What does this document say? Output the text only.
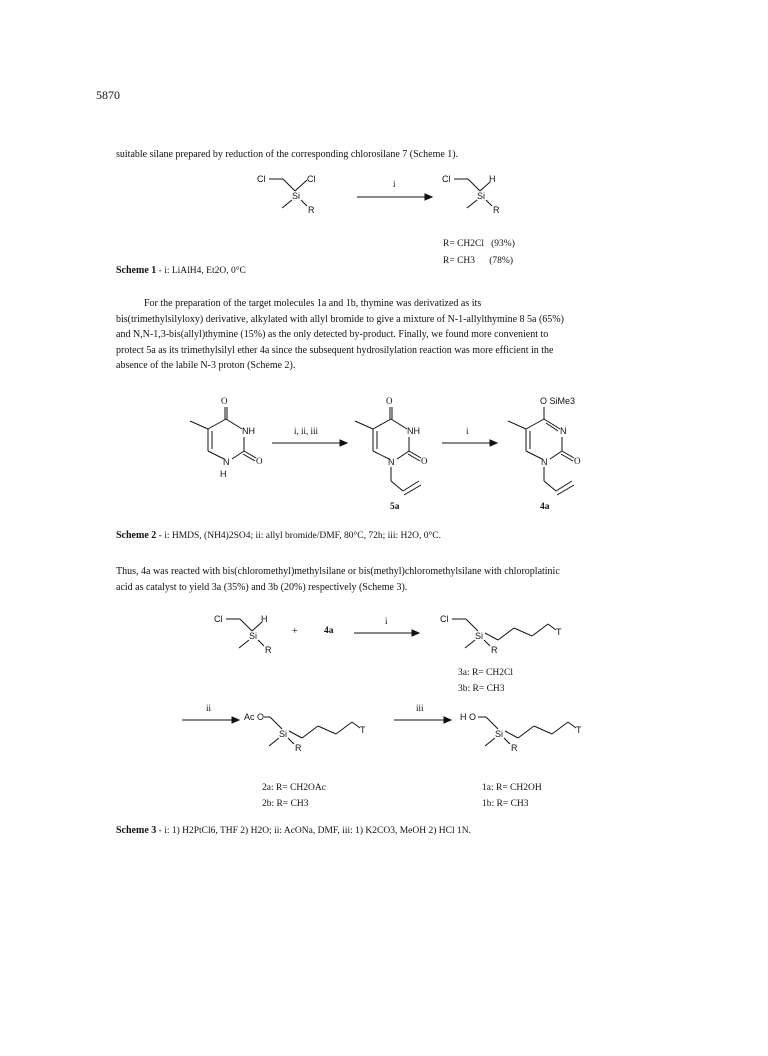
5870
suitable silane prepared by reduction of the corresponding chlorosilane 7 (Scheme 1).
Cl	Cl
Si
R
i	Cl	H
Si
R
R= CH2Cl   (93%)
R= CH3      (78%)
Scheme 1 - i: LiAlH4, Et2O, 0°C
For the preparation of the target molecules 1a and 1b, thymine was derivatized as its
bis(trimethylsilyloxy) derivative, alkylated with allyl bromide to give a mixture of N-1-allylthymine 8 5a (65%)
and N,N-1,3-bis(allyl)thymine (15%) as the only detected by-product. Finally, we found more convenient to
protect 5a as its trimethylsilyl ether 4a since the subsequent hydrosilylation reaction was more efficient in the
absence of the labile N-3 proton (Scheme 2).
O
NH
O
N
H
i, ii, iii
O
NH
O
N
i
O SiMe3
N
O
N
5a	4a
Scheme 2 - i: HMDS, (NH4)2SO4; ii: allyl bromide/DMF, 80°C, 72h; iii: H2O, 0°C.
Thus, 4a was reacted with bis(chloromethyl)methylsilane or bis(methyl)chloromethylsilane with chloroplatinic
acid as catalyst to yield 3a (35%) and 3b (20%) respectively (Scheme 3).
Cl	H
Si
R
+	4a
i	Cl
Si	T
R
3a: R= CH2Cl
3b: R= CH3
ii
Ac O
Si	T
R
iii
H O
Si	T
R
2a: R= CH2OAc
2b: R= CH3
1a: R= CH2OH
1b: R= CH3
Scheme 3 - i: 1) H2PtCl6, THF 2) H2O; ii: AcONa, DMF, iii: 1) K2CO3, MeOH 2) HCl 1N.
